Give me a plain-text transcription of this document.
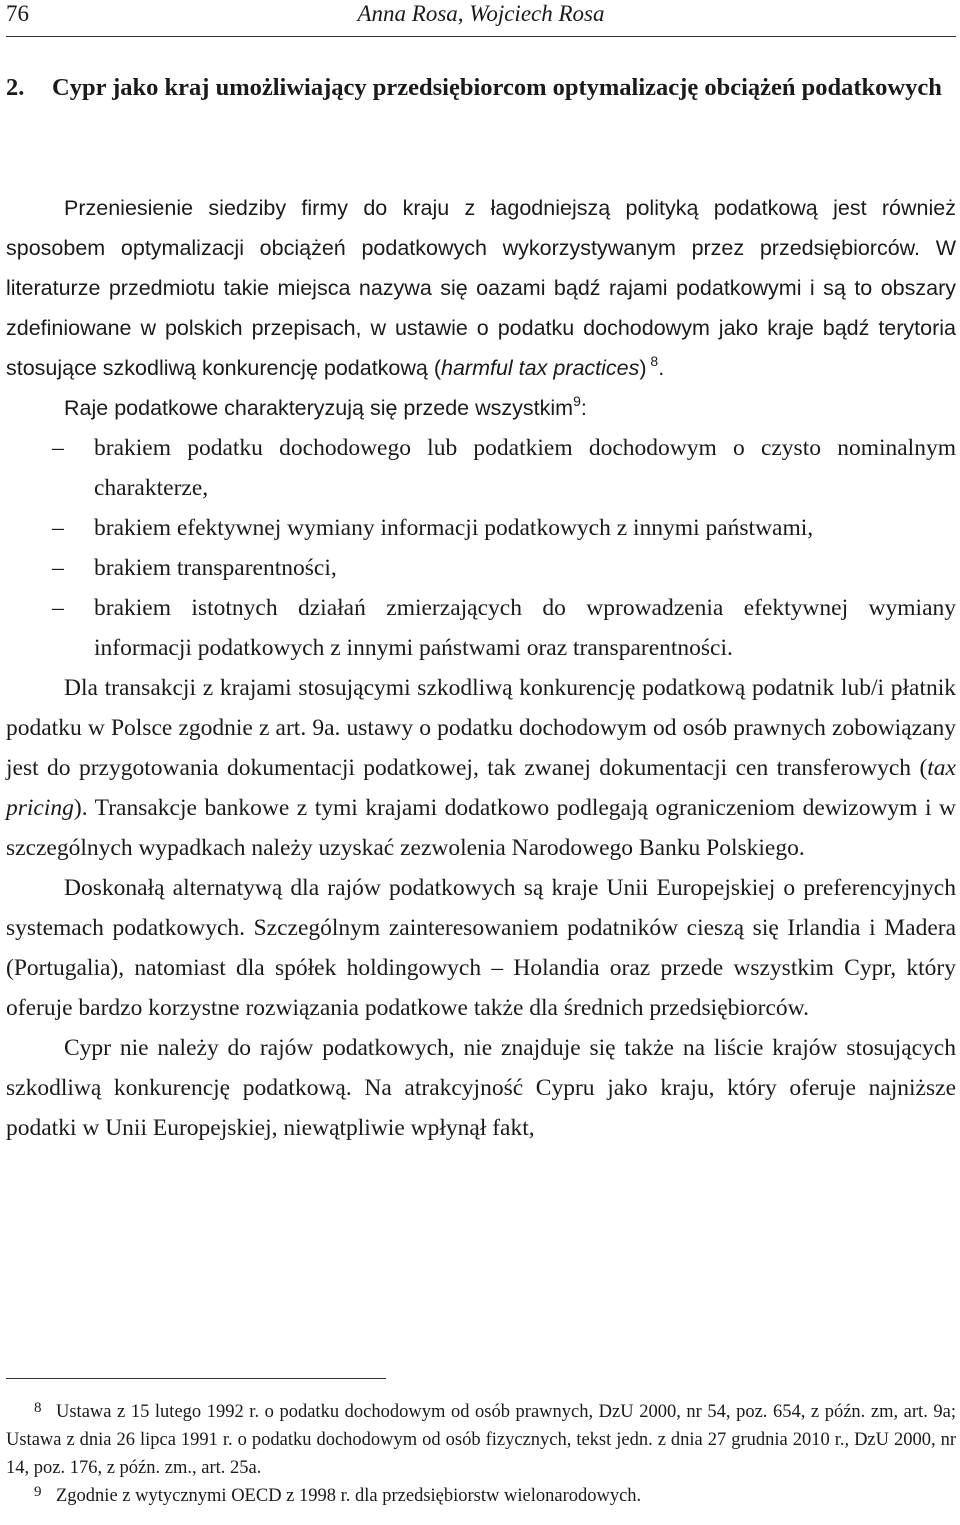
76	Anna Rosa, Wojciech Rosa
2. Cypr jako kraj umożliwiający przedsiębiorcom optymalizację obciążeń podatkowych

Przeniesienie siedziby firmy do kraju z łagodniejszą polityką podatkową jest również sposobem optymalizacji obciążeń podatkowych wykorzystywanym przez przedsiębiorców. W literaturze przedmiotu takie miejsca nazywa się oazami bądź rajami podatkowymi i są to obszary zdefiniowane w polskich przepisach, w ustawie o podatku dochodowym jako kraje bądź terytoria stosujące szkodliwą konkurencję podatkową (harmful tax practices) $^8$.

Raje podatkowe charakteryzują się przede wszystkim$^9$:

–	brakiem podatku dochodowego lub podatkiem dochodowym o czysto nominalnym charakterze,
–	brakiem efektywnej wymiany informacji podatkowych z innymi państwami,
–	brakiem transparentności,
–	brakiem istotnych działań zmierzających do wprowadzenia efektywnej wymiany informacji podatkowych z innymi państwami oraz transparentności.

Dla transakcji z krajami stosującymi szkodliwą konkurencję podatkową podatnik lub/i płatnik podatku w Polsce zgodnie z art. 9a. ustawy o podatku dochodowym od osób prawnych zobowiązany jest do przygotowania dokumentacji podatkowej, tak zwanej dokumentacji cen transferowych (tax pricing). Transakcje bankowe z tymi krajami dodatkowo podlegają ograniczeniom dewizowym i w szczególnych wypadkach należy uzyskać zezwolenia Narodowego Banku Polskiego.

Doskonałą alternatywą dla rajów podatkowych są kraje Unii Europejskiej o preferencyjnych systemach podatkowych. Szczególnym zainteresowaniem podatników cieszą się Irlandia i Madera (Portugalia), natomiast dla spółek holdingowych – Holandia oraz przede wszystkim Cypr, który oferuje bardzo korzystne rozwiązania podatkowe także dla średnich przedsiębiorców.

Cypr nie należy do rajów podatkowych, nie znajduje się także na liście krajów stosujących szkodliwą konkurencję podatkową. Na atrakcyjność Cypru jako kraju, który oferuje najniższe podatki w Unii Europejskiej, niewątpliwie wpłynął fakt,

8 Ustawa z 15 lutego 1992 r. o podatku dochodowym od osób prawnych, DzU 2000, nr 54, poz. 654, z późn. zm, art. 9a; Ustawa z dnia 26 lipca 1991 r. o podatku dochodowym od osób fizycznych, tekst jedn. z dnia 27 grudnia 2010 r., DzU 2000, nr 14, poz. 176, z późn. zm., art. 25a.

9 Zgodnie z wytycznymi OECD z 1998 r. dla przedsiębiorstw wielonarodowych.
